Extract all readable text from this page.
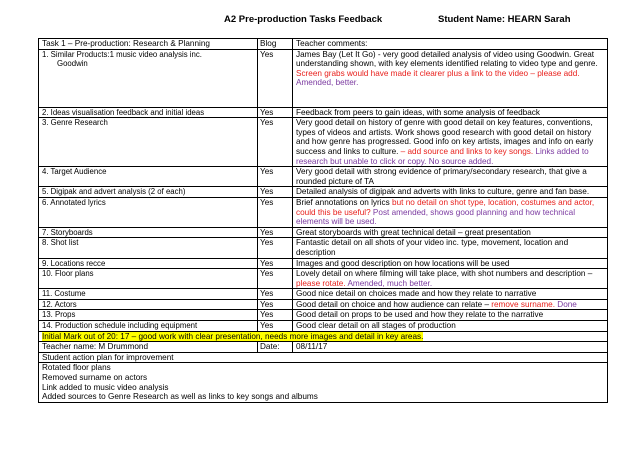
A2 Pre-production Tasks Feedback	Student Name: HEARN Sarah
Task 1 – Pre-production: Research & Planning	Blog	Teacher comments:
1. Similar Products:1 music video analysis inc.
Goodwin	Yes	James Bay (Let It Go) - very good detailed analysis of video using Goodwin. Great understanding shown, with key elements identified relating to video type and genre. Screen grabs would have made it clearer plus a link to the video – please add. Amended, better.
2. Ideas visualisation feedback and initial ideas	Yes	Feedback from peers to gain ideas, with some analysis of feedback
3. Genre Research	Yes	Very good detail on history of genre with good detail on key features, conventions, types of videos and artists. Work shows good research with good detail on history and how genre has progressed. Good info on key artists, images and info on early success and links to culture. – add source and links to key songs. Links added to research but unable to click or copy. No source added.
4. Target Audience	Yes	Very good detail with strong evidence of primary/secondary research, that give a rounded picture of TA
5. Digipak and advert analysis (2 of each)	Yes	Detailed analysis of digipak and adverts with links to culture, genre and fan base.
6. Annotated lyrics	Yes	Brief annotations on lyrics but no detail on shot type, location, costumes and actor, could this be useful? Post amended, shows good planning and how technical elements will be used.
7. Storyboards	Yes	Great storyboards with great technical detail – great presentation
8. Shot list	Yes	Fantastic detail on all shots of your video inc. type, movement, location and description
9. Locations recce	Yes	Images and good description on how locations will be used
10. Floor plans	Yes	Lovely detail on where filming will take place, with shot numbers and description – please rotate. Amended, much better.
11. Costume	Yes	Good nice detail on choices made and how they relate to narrative
12. Actors	Yes	Good detail on choice and how audience can relate – remove surname. Done
13. Props	Yes	Good detail on props to be used and how they relate to the narrative
14. Production schedule including equipment	Yes	Good clear detail on all stages of production
Initial Mark out of 20: 17 – good work with clear presentation, needs more images and detail in key areas.		
Teacher name: M Drummond	Date:	08/11/17
Student action plan for improvement		

Rotated floor plans
Removed surname on actors
Link added to music video analysis
Added sources to Genre Research as well as links to key songs and albums		
